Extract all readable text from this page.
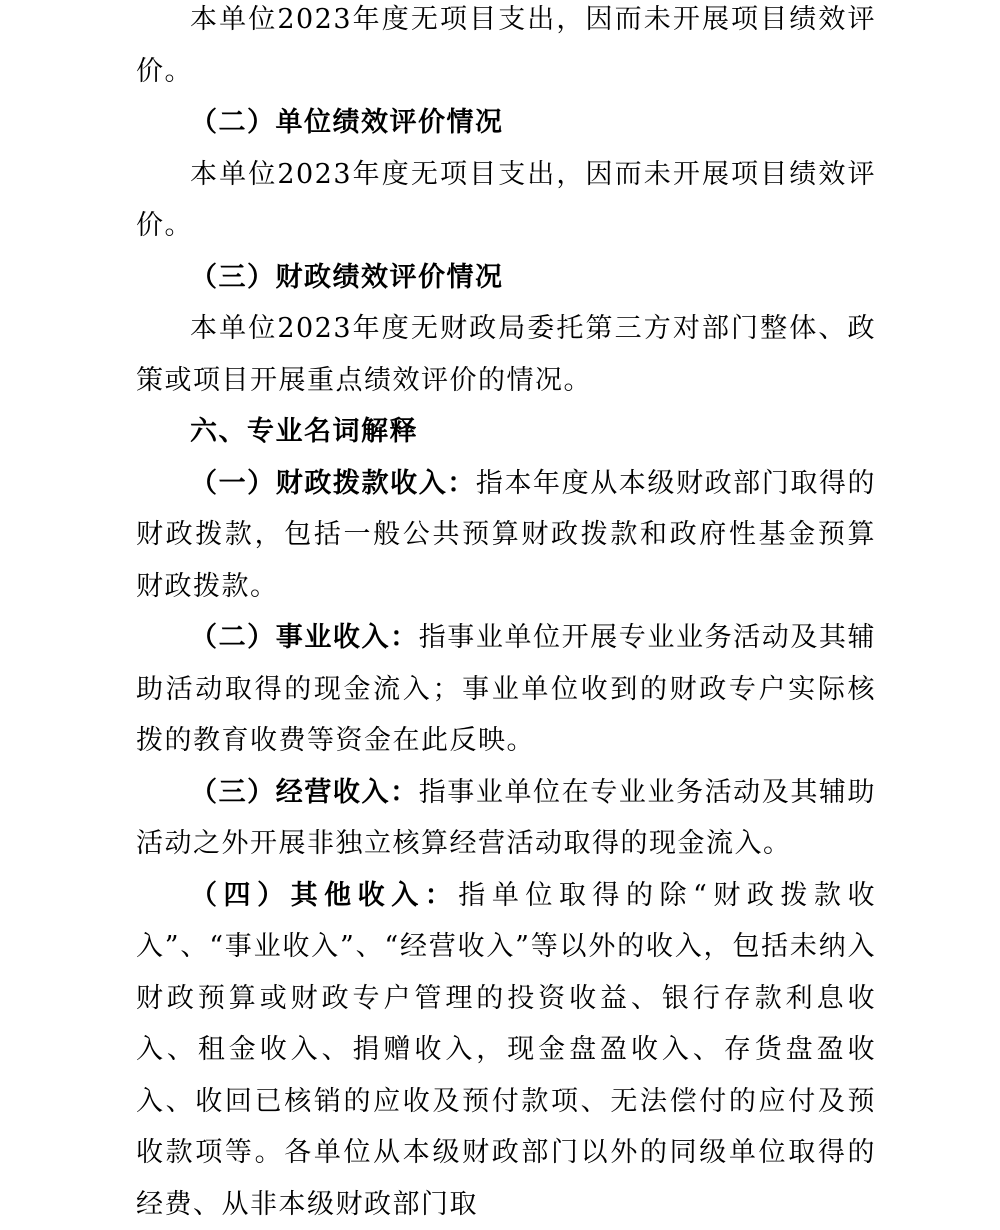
本单位2023年度无项目支出，因而未开展项目绩效评价。

（二）单位绩效评价情况

本单位2023年度无项目支出，因而未开展项目绩效评价。

（三）财政绩效评价情况

本单位2023年度无财政局委托第三方对部门整体、政策或项目开展重点绩效评价的情况。

六、专业名词解释

（一）财政拨款收入：指本年度从本级财政部门取得的财政拨款，包括一般公共预算财政拨款和政府性基金预算财政拨款。

（二）事业收入：指事业单位开展专业业务活动及其辅助活动取得的现金流入；事业单位收到的财政专户实际核拨的教育收费等资金在此反映。

（三）经营收入：指事业单位在专业业务活动及其辅助活动之外开展非独立核算经营活动取得的现金流入。

（四）其他收入：指单位取得的除“财政拨款收入”、“事业收入”、“经营收入”等以外的收入，包括未纳入财政预算或财政专户管理的投资收益、银行存款利息收入、租金收入、捐赠收入，现金盘盈收入、存货盘盈收入、收回已核销的应收及预付款项、无法偿付的应付及预收款项等。各单位从本级财政部门以外的同级单位取得的经费、从非本级财政部门取
